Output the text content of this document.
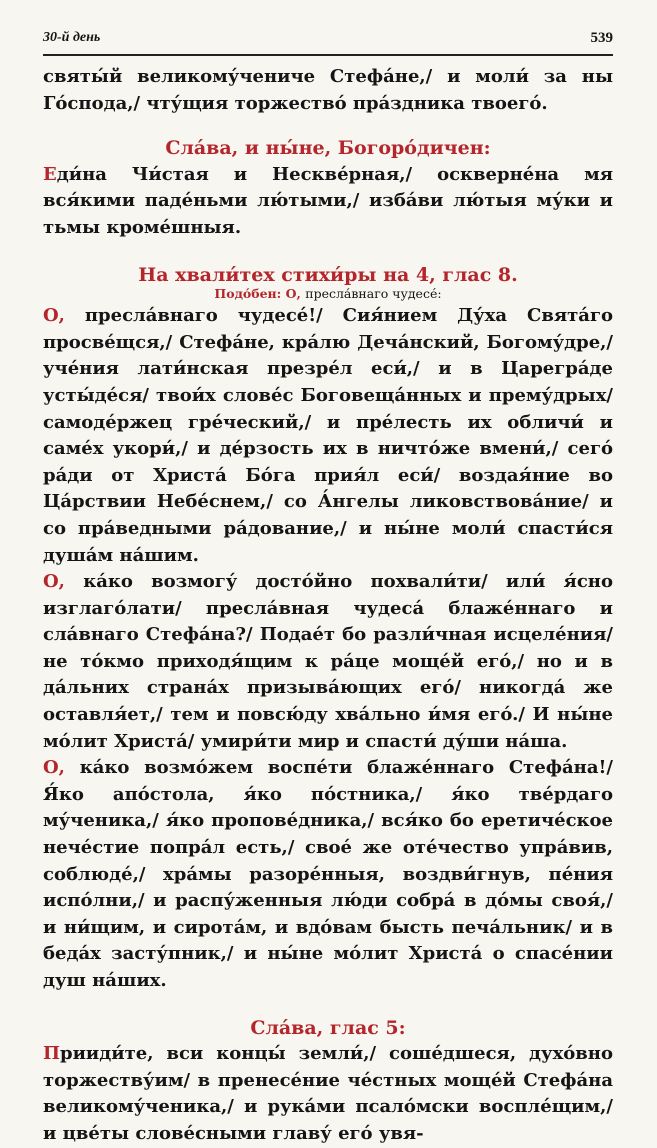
30-й день	539

святы́й великому́чениче Стефа́не,/ и моли́ за ны Го́спода,/ чту́щия торжество́ пра́здника твоего́.

Сла́ва, и ны́не, Богоро́дичен:

Еди́на Чи́стая и Несквéрная,/ осквернéна мя вся́кими падéньми лю́тыми,/ изба́ви лю́тыя му́ки и тьмы кромéшныя.

На хвали́тех стихи́ры на 4, глас 8.

Подо́бен: О, пресла́внаго чудесé:

О, пресла́внаго чудесé!/ Сия́нием Ду́ха Свята́го просвéщся,/ Стефа́не, кра́лю Деча́нский, Богому́дре,/ учéния лати́нская презрéл еси́,/ и в Царегра́де усты́дéся/ твои́х словéс Боговеща́нных и прему́дрых/ самодéржец грéческий,/ и прéлесть их обличи́ и самéх укори́,/ и дéрзость их в ничто́же вмени́,/ сегó ра́ди от Христа́ Бо́га прия́л еси́/ воздая́ние во Ца́рствии Небéснем,/ со А́нгелы ликовствова́ние/ и со пра́ведными ра́дование,/ и ны́не моли́ спасти́ся душа́м на́шим.

О, ка́ко возмогу́ досто́йно похвали́ти/ или́ я́сно изглаго́лати/ пресла́вная чудеса́ блажéннаго и сла́внаго Стефа́на?/ Подаéт бо разли́чная исцелéния/ не то́кмо приходя́щим к ра́це мощéй егó,/ но и в да́льних страна́х призыва́ющих егó/ никогда́ же оставля́ет,/ тем и повсю́ду хва́льно и́мя егó./ И ны́не мо́лит Христа́/ умири́ти мир и спасти́ ду́ши на́ша.

О, ка́ко возмо́жем воспéти блажéннаго Стефа́на!/ Я́ко апо́стола, я́ко по́стника,/ я́ко твéрдаго му́ченика,/ я́ко пропове́дника,/ вся́ко бо еретичéское нечéстие попра́л есть,/ своé же отéчество упра́вив, соблюдé,/ хра́мы разорéнныя, воздви́гнув, пéния испо́лни,/ и распу́женныя лю́ди собра́ в до́мы своя́,/ и ни́щим, и сирота́м, и вдо́вам бысть печа́льник/ и в бедáх засту́пник,/ и ны́не мо́лит Христа́ о спасéнии душ на́ших.

Сла́ва, глас 5:

Прииди́те, вси концы́ земли́,/ сошéдшеся, духо́вно торжеству́им/ в пренесéние чéстных мощéй Стефа́на великому́ченика,/ и рука́ми псало́мски воспле́щим,/ и цвéты словéсными главу́ егó увя-
